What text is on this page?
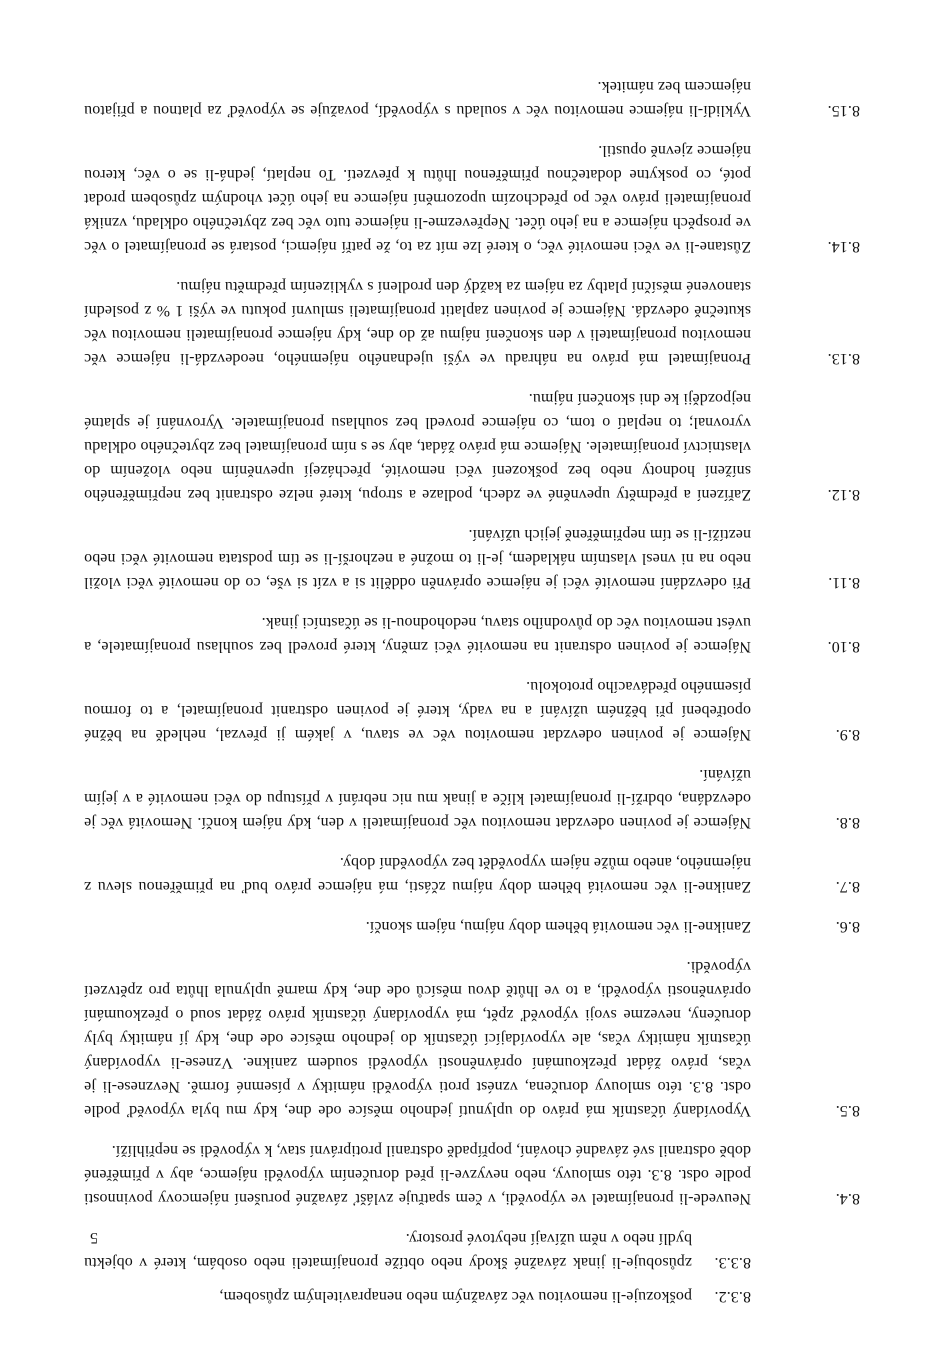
5
8.3.2.
poškozuje-li nemovitou věc závažným nebo nenapravitelným způsobem,
8.3.3.
způsobuje-li jinak závažné škody nebo obtíže pronajímateli nebo osobám, které v objektu bydlí nebo v něm užívají nebytové prostory.
8.4.
Neuvede-li pronajímatel ve výpovědi, v čem spatřuje zvlášť závažné porušení nájemcovy povinnosti podle odst. 8.3. této smlouvy, nebo nevyzve-li před doručením výpovědi nájemce, aby v přiměřené době odstranil své závadné chování, popřípadě odstranil protiprávní stav, k výpovědi se nepřihlíží.
8.5.
Vypovídaný účastník má právo do uplynutí jednoho měsíce ode dne, kdy mu byla výpověď podle odst. 8.3. této smlouvy doručena, vznést proti výpovědi námitky v písemné formě. Nevznese-li je včas, právo žádat přezkoumání oprávněnosti výpovědi soudem zanikne. Vznese-li vypovídaný účastník námitky včas, ale vypovídající účastník do jednoho měsíce ode dne, kdy jí námitky byly doručeny, nevezme svoji výpověď zpět, má vypovídaný účastník právo žádat soud o přezkoumání oprávněnosti výpovědi, a to ve lhůtě dvou měsíců ode dne, kdy marně uplynula lhůta pro zpětvzetí výpovědi.
8.6.
Zanikne-li věc nemovitá během doby nájmu, nájem skončí.
8.7.
Zanikne-li věc nemovitá během doby nájmu zčásti, má nájemce právo buď na přiměřenou slevu z nájemného, anebo může nájem vypovědět bez výpovědní doby.
8.8.
Nájemce je povinen odevzdat nemovitou věc pronajímateli v den, kdy nájem končí. Nemovitá věc je odevzdána, obdrží-li pronajímatel klíče a jinak mu nic nebrání v přístupu do věci nemovité a v jejím užívání.
8.9.
Nájemce je povinen odevzdat nemovitou věc ve stavu, v jakém ji převzal, nehledě na běžné opotřebení při běžném užívání a na vady, které je povinen odstranit pronajímatel, a to formou písemného předávacího protokolu.
8.10.
Nájemce je povinen odstranit na nemovité věci změny, které provedl bez souhlasu pronajímatele, a uvést nemovitou věc do původního stavu, nedohodnou-li se účastníci jinak.
8.11.
Při odevzdání nemovité věci je nájemce oprávněn oddělit si a vzít si vše, co do nemovité věci vložil nebo na ni vnesl vlastním nákladem, je-li to možné a nezhorší-li se tím podstata nemovité věci nebo neztíží-li se tím nepřiměřeně jejich užívání.
8.12.
Zařízení a předměty upevněné ve zdech, podlaze a stropu, které nelze odstranit bez nepřiměřeného snížení hodnoty nebo bez poškození věci nemovité, přecházejí upevněním nebo vložením do vlastnictví pronajímatele. Nájemce má právo žádat, aby se s ním pronajímatel bez zbytečného odkladu vyrovnal; to neplatí o tom, co nájemce provedl bez souhlasu pronajímatele. Vyrovnání je splatné nejpozději ke dni skončení nájmu.
8.13.
Pronajímatel má právo na náhradu ve výši ujednaného nájemného, neodevzdá-li nájemce věc nemovitou pronajímateli v den skončení nájmu až do dne, kdy nájemce pronajímateli nemovitou věc skutečně odevzdá. Nájemce je povinen zaplatit pronajímateli smluvní pokutu ve výši 1 % z poslední stanovené měsíční platby za nájem za každý den prodlení s vyklizením předmětu nájmu.
8.14.
Zůstane-li ve věci nemovité věc, o které lze mít za to, že patří nájemci, postará se pronajímatel o věc ve prospěch nájemce a na jeho účet. Nepřevezme-li nájemce tuto věc bez zbytečného odkladu, vzniká pronajímateli právo věc po předchozím upozornění nájemce na jeho účet vhodným způsobem prodat poté, co poskytne dodatečnou přiměřenou lhůtu k převzetí. To neplatí, jedná-li se o věc, kterou nájemce zjevně opustil.
8.15.
Vyklidí-li nájemce nemovitou věc v souladu s výpovědí, považuje se výpověď za platnou a přijatou nájemcem bez námitek.
